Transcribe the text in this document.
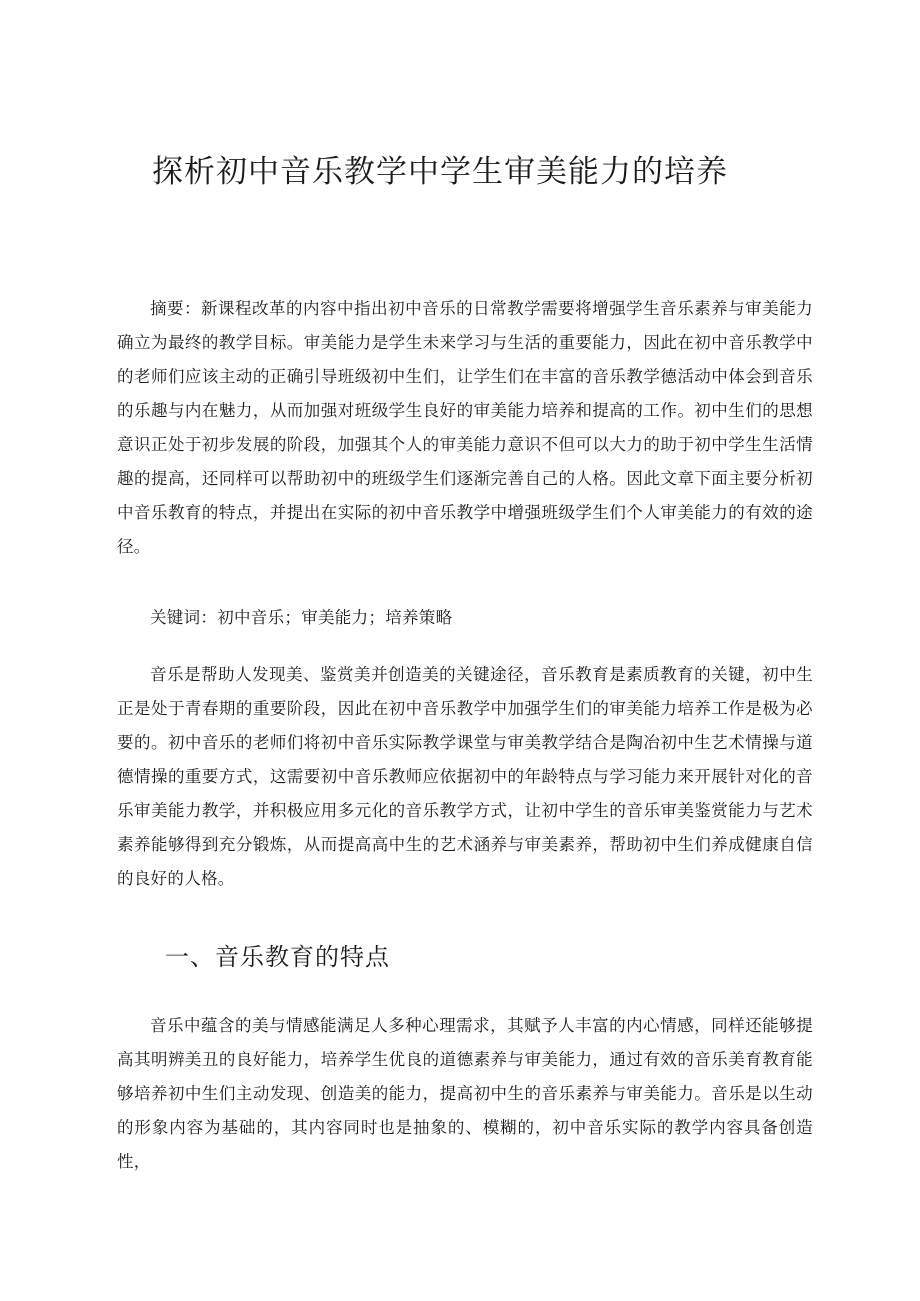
探析初中音乐教学中学生审美能力的培养

摘要：新课程改革的内容中指出初中音乐的日常教学需要将增强学生音乐素养与审美能力确立为最终的教学目标。审美能力是学生未来学习与生活的重要能力，因此在初中音乐教学中的老师们应该主动的正确引导班级初中生们，让学生们在丰富的音乐教学德活动中体会到音乐的乐趣与内在魅力，从而加强对班级学生良好的审美能力培养和提高的工作。初中生们的思想意识正处于初步发展的阶段，加强其个人的审美能力意识不但可以大力的助于初中学生生活情趣的提高，还同样可以帮助初中的班级学生们逐渐完善自己的人格。因此文章下面主要分析初中音乐教育的特点，并提出在实际的初中音乐教学中增强班级学生们个人审美能力的有效的途径。

关键词：初中音乐；审美能力；培养策略

音乐是帮助人发现美、鉴赏美并创造美的关键途径，音乐教育是素质教育的关键，初中生正是处于青春期的重要阶段，因此在初中音乐教学中加强学生们的审美能力培养工作是极为必要的。初中音乐的老师们将初中音乐实际教学课堂与审美教学结合是陶冶初中生艺术情操与道德情操的重要方式，这需要初中音乐教师应依据初中的年龄特点与学习能力来开展针对化的音乐审美能力教学，并积极应用多元化的音乐教学方式，让初中学生的音乐审美鉴赏能力与艺术素养能够得到充分锻炼，从而提高高中生的艺术涵养与审美素养，帮助初中生们养成健康自信的良好的人格。

一、音乐教育的特点

音乐中蕴含的美与情感能满足人多种心理需求，其赋予人丰富的内心情感，同样还能够提高其明辨美丑的良好能力，培养学生优良的道德素养与审美能力，通过有效的音乐美育教育能够培养初中生们主动发现、创造美的能力，提高初中生的音乐素养与审美能力。音乐是以生动的形象内容为基础的，其内容同时也是抽象的、模糊的，初中音乐实际的教学内容具备创造性，
